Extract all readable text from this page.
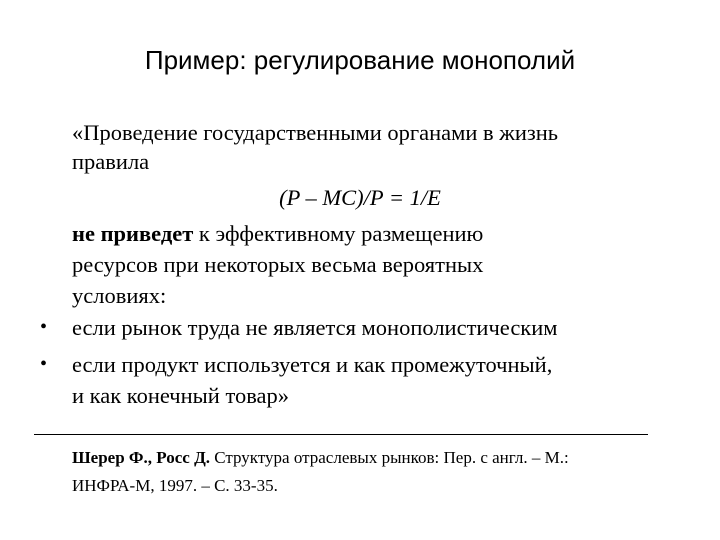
Пример: регулирование монополий
«Проведение государственными органами в жизнь
правила
(P – MC)/P = 1/E
не приведет к эффективному размещению
ресурсов при некоторых весьма вероятных
условиях:
• если рынок труда не является монополистическим
• если продукт используется и как промежуточный,
и как конечный товар»
Шерер Ф., Росс Д. Структура отраслевых рынков: Пер. с англ. – М.:
ИНФРА-М, 1997. – С. 33-35.
